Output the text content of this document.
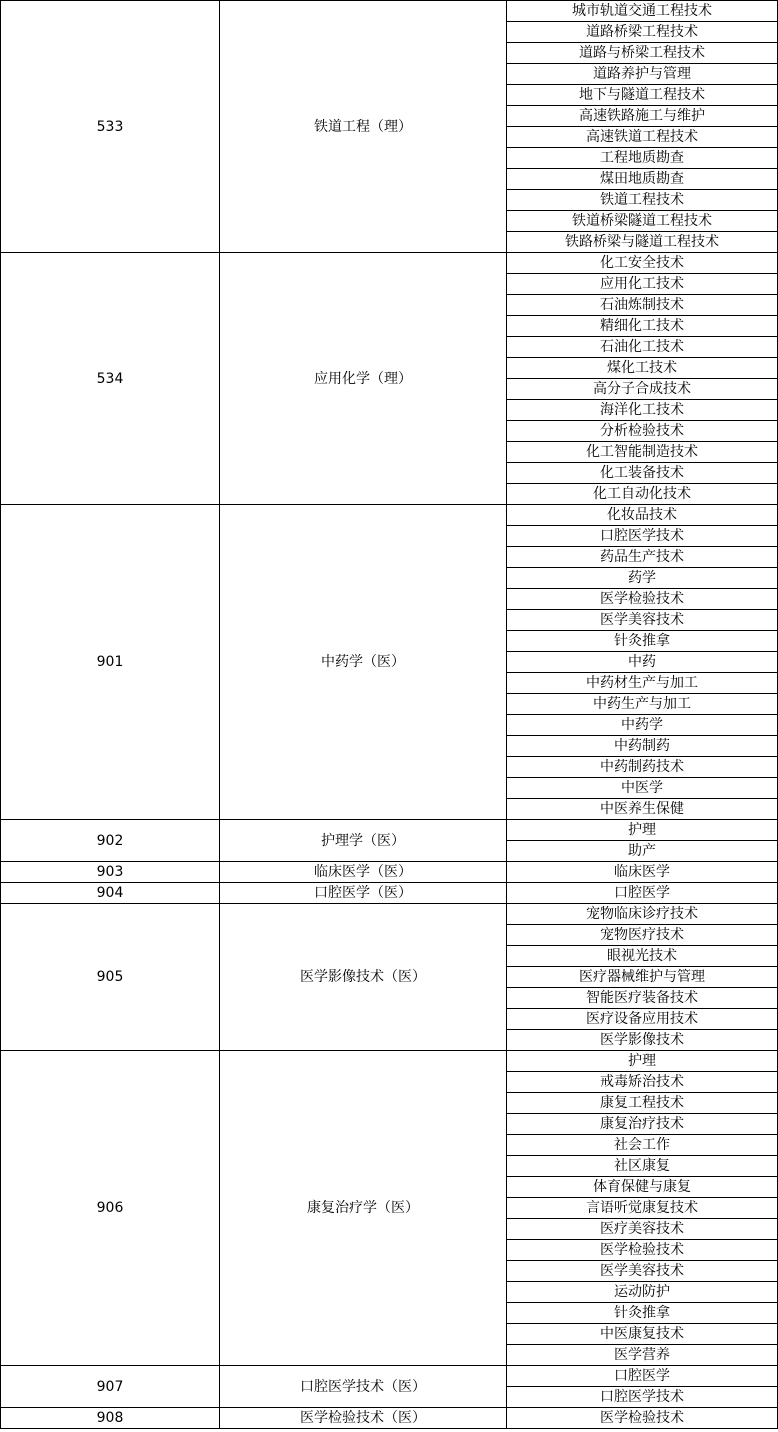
533	铁道工程（理）	城市轨道交通工程技术
		道路桥梁工程技术
		道路与桥梁工程技术
		道路养护与管理
		地下与隧道工程技术
		高速铁路施工与维护
		高速铁道工程技术
		工程地质勘查
		煤田地质勘查
		铁道工程技术
		铁道桥梁隧道工程技术
		铁路桥梁与隧道工程技术
534	应用化学（理）	化工安全技术
		应用化工技术
		石油炼制技术
		精细化工技术
		石油化工技术
		煤化工技术
		高分子合成技术
		海洋化工技术
		分析检验技术
		化工智能制造技术
		化工装备技术
		化工自动化技术
901	中药学（医）	化妆品技术
		口腔医学技术
		药品生产技术
		药学
		医学检验技术
		医学美容技术
		针灸推拿
		中药
		中药材生产与加工
		中药生产与加工
		中药学
		中药制药
		中药制药技术
		中医学
		中医养生保健
902	护理学（医）	护理
		助产
903	临床医学（医）	临床医学
904	口腔医学（医）	口腔医学
905	医学影像技术（医）	宠物临床诊疗技术
		宠物医疗技术
		眼视光技术
		医疗器械维护与管理
		智能医疗装备技术
		医疗设备应用技术
		医学影像技术
906	康复治疗学（医）	护理
		戒毒矫治技术
		康复工程技术
		康复治疗技术
		社会工作
		社区康复
		体育保健与康复
		言语听觉康复技术
		医疗美容技术
		医学检验技术
		医学美容技术
		运动防护
		针灸推拿
		中医康复技术
		医学营养
907	口腔医学技术（医）	口腔医学
		口腔医学技术
908	医学检验技术（医）	医学检验技术
